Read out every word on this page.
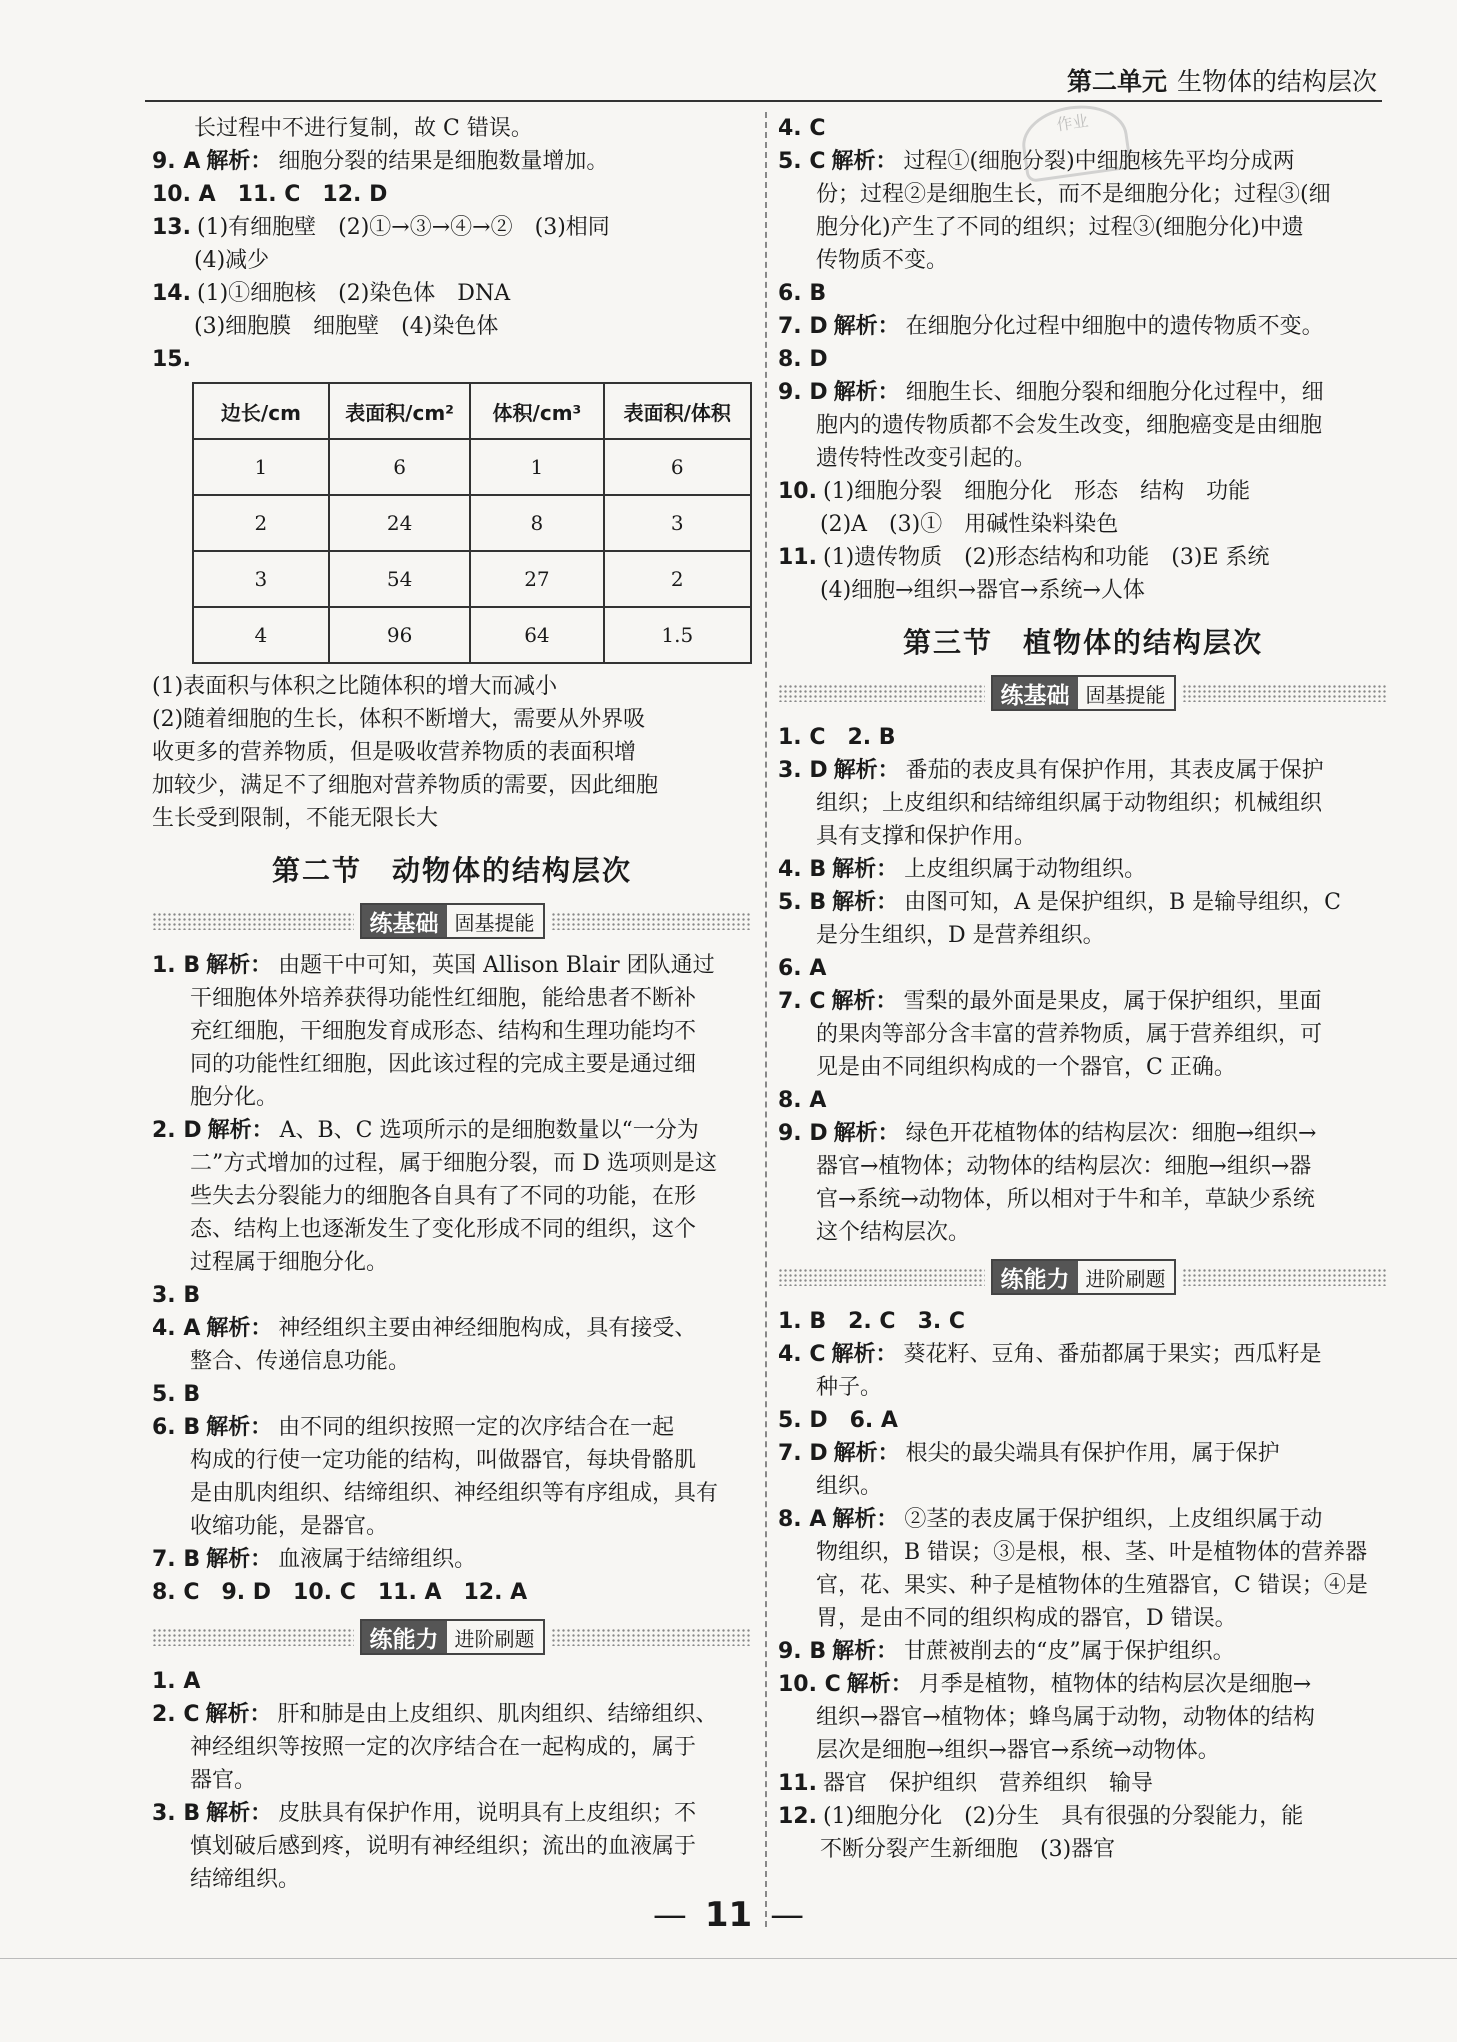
第二单元 生物体的结构层次
作业

长过程中不进行复制，故 C 错误。

9. A 解析： 细胞分裂的结果是细胞数量增加。

10. A　11. C　12. D

13. (1)有细胞壁　(2)①→③→④→②　(3)相同

(4)减少

14. (1)①细胞核　(2)染色体　DNA

(3)细胞膜　细胞壁　(4)染色体

15.

边长/cm	表面积/cm²	体积/cm³	表面积/体积
1	6	1	6
2	24	8	3
3	54	27	2
4	96	64	1.5

(1)表面积与体积之比随体积的增大而减小

(2)随着细胞的生长，体积不断增大，需要从外界吸

收更多的营养物质，但是吸收营养物质的表面积增

加较少，满足不了细胞对营养物质的需要，因此细胞

生长受到限制，不能无限长大

第二节　动物体的结构层次
练基础 固基提能

1. B 解析： 由题干中可知，英国 Allison Blair 团队通过

干细胞体外培养获得功能性红细胞，能给患者不断补

充红细胞，干细胞发育成形态、结构和生理功能均不

同的功能性红细胞，因此该过程的完成主要是通过细

胞分化。

2. D 解析： A、B、C 选项所示的是细胞数量以“一分为

二”方式增加的过程，属于细胞分裂，而 D 选项则是这

些失去分裂能力的细胞各自具有了不同的功能，在形

态、结构上也逐渐发生了变化形成不同的组织，这个

过程属于细胞分化。

3. B

4. A 解析： 神经组织主要由神经细胞构成，具有接受、

整合、传递信息功能。

5. B

6. B 解析： 由不同的组织按照一定的次序结合在一起

构成的行使一定功能的结构，叫做器官，每块骨骼肌

是由肌肉组织、结缔组织、神经组织等有序组成，具有

收缩功能，是器官。

7. B 解析： 血液属于结缔组织。

8. C　9. D　10. C　11. A　12. A

练能力 进阶刷题

1. A

2. C 解析： 肝和肺是由上皮组织、肌肉组织、结缔组织、

神经组织等按照一定的次序结合在一起构成的，属于

器官。

3. B 解析： 皮肤具有保护作用，说明具有上皮组织；不

慎划破后感到疼，说明有神经组织；流出的血液属于

结缔组织。

4. C

5. C 解析： 过程①(细胞分裂)中细胞核先平均分成两

份；过程②是细胞生长，而不是细胞分化；过程③(细

胞分化)产生了不同的组织；过程③(细胞分化)中遗

传物质不变。

6. B

7. D 解析： 在细胞分化过程中细胞中的遗传物质不变。

8. D

9. D 解析： 细胞生长、细胞分裂和细胞分化过程中，细

胞内的遗传物质都不会发生改变，细胞癌变是由细胞

遗传特性改变引起的。

10. (1)细胞分裂　细胞分化　形态　结构　功能

(2)A　(3)①　用碱性染料染色

11. (1)遗传物质　(2)形态结构和功能　(3)E 系统

(4)细胞→组织→器官→系统→人体

第三节　植物体的结构层次
练基础 固基提能

1. C　2. B

3. D 解析： 番茄的表皮具有保护作用，其表皮属于保护

组织；上皮组织和结缔组织属于动物组织；机械组织

具有支撑和保护作用。

4. B 解析： 上皮组织属于动物组织。

5. B 解析： 由图可知，A 是保护组织，B 是输导组织，C

是分生组织，D 是营养组织。

6. A

7. C 解析： 雪梨的最外面是果皮，属于保护组织，里面

的果肉等部分含丰富的营养物质，属于营养组织，可

见是由不同组织构成的一个器官，C 正确。

8. A

9. D 解析： 绿色开花植物体的结构层次：细胞→组织→

器官→植物体；动物体的结构层次：细胞→组织→器

官→系统→动物体，所以相对于牛和羊，草缺少系统

这个结构层次。

练能力 进阶刷题

1. B　2. C　3. C

4. C 解析： 葵花籽、豆角、番茄都属于果实；西瓜籽是

种子。

5. D　6. A

7. D 解析： 根尖的最尖端具有保护作用，属于保护

组织。

8. A 解析： ②茎的表皮属于保护组织，上皮组织属于动

物组织，B 错误；③是根，根、茎、叶是植物体的营养器

官，花、果实、种子是植物体的生殖器官，C 错误；④是

胃，是由不同的组织构成的器官，D 错误。

9. B 解析： 甘蔗被削去的“皮”属于保护组织。

10. C 解析： 月季是植物，植物体的结构层次是细胞→

组织→器官→植物体；蜂鸟属于动物，动物体的结构

层次是细胞→组织→器官→系统→动物体。

11. 器官　保护组织　营养组织　输导

12. (1)细胞分化　(2)分生　具有很强的分裂能力，能

不断分裂产生新细胞　(3)器官

— 11 —
